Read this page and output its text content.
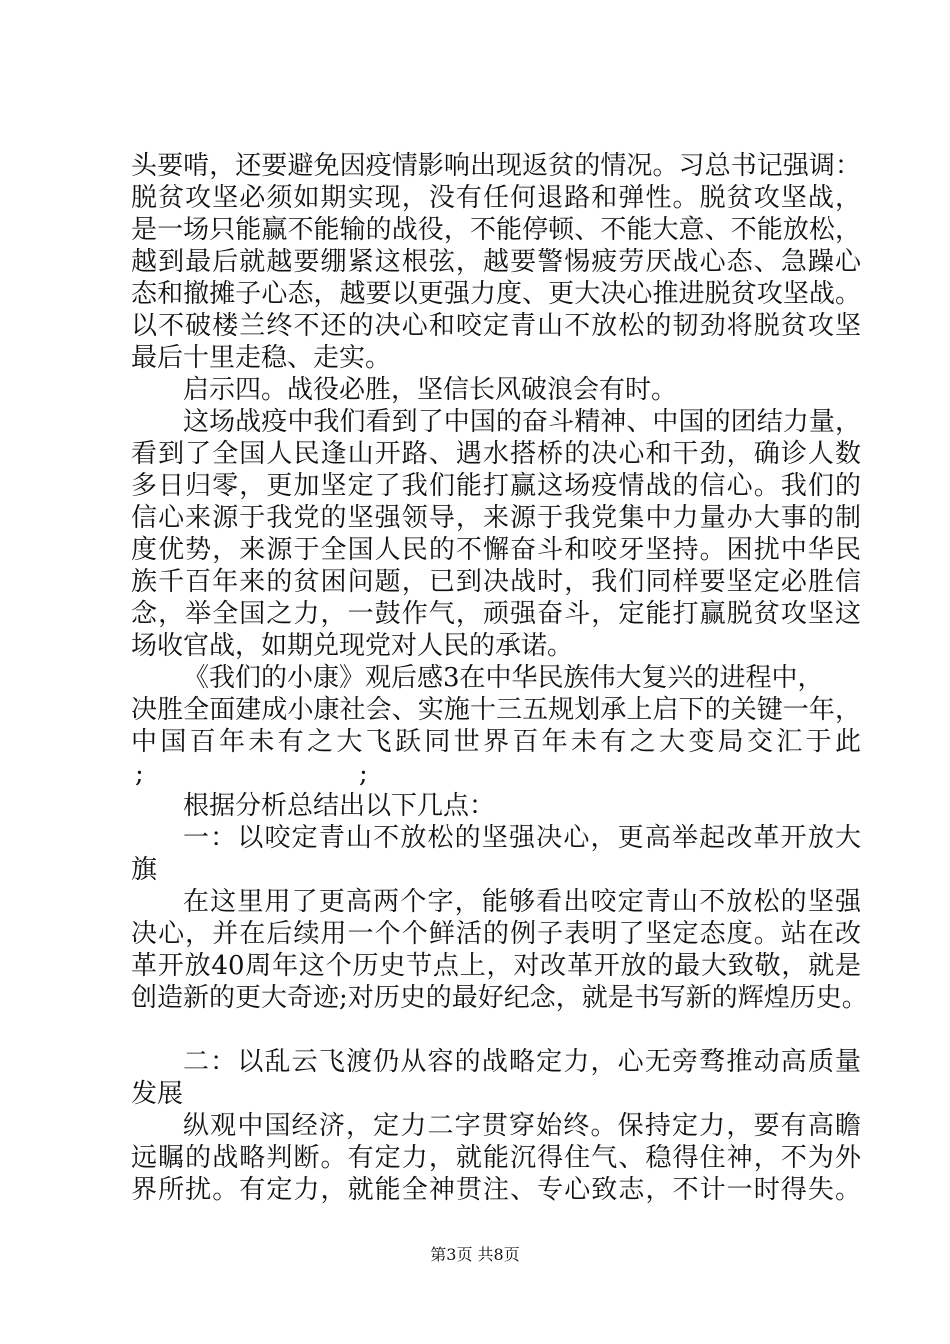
头要啃，还要避免因疫情影响出现返贫的情况。习总书记强调：
脱贫攻坚必须如期实现，没有任何退路和弹性。脱贫攻坚战，
是一场只能赢不能输的战役，不能停顿、不能大意、不能放松，
越到最后就越要绷紧这根弦，越要警惕疲劳厌战心态、急躁心
态和撤摊子心态，越要以更强力度、更大决心推进脱贫攻坚战。
以不破楼兰终不还的决心和咬定青山不放松的韧劲将脱贫攻坚
最后十里走稳、走实。
启示四。战役必胜，坚信长风破浪会有时。
这场战疫中我们看到了中国的奋斗精神、中国的团结力量，
看到了全国人民逢山开路、遇水搭桥的决心和干劲，确诊人数
多日归零，更加坚定了我们能打赢这场疫情战的信心。我们的
信心来源于我党的坚强领导，来源于我党集中力量办大事的制
度优势，来源于全国人民的不懈奋斗和咬牙坚持。困扰中华民
族千百年来的贫困问题，已到决战时，我们同样要坚定必胜信
念，举全国之力，一鼓作气，顽强奋斗，定能打赢脱贫攻坚这
场收官战，如期兑现党对人民的承诺。
《我们的小康》观后感3在中华民族伟大复兴的进程中，
决胜全面建成小康社会、实施十三五规划承上启下的关键一年，
中国百年未有之大飞跃同世界百年未有之大变局交汇于此
;	;
根据分析总结出以下几点：
一：以咬定青山不放松的坚强决心，更高举起改革开放大
旗
在这里用了更高两个字，能够看出咬定青山不放松的坚强
决心，并在后续用一个个鲜活的例子表明了坚定态度。站在改
革开放40周年这个历史节点上，对改革开放的最大致敬，就是
创造新的更大奇迹;对历史的最好纪念，就是书写新的辉煌历史。
二：以乱云飞渡仍从容的战略定力，心无旁骛推动高质量
发展
纵观中国经济，定力二字贯穿始终。保持定力，要有高瞻
远瞩的战略判断。有定力，就能沉得住气、稳得住神，不为外
界所扰。有定力，就能全神贯注、专心致志，不计一时得失。
第3页 共8页
